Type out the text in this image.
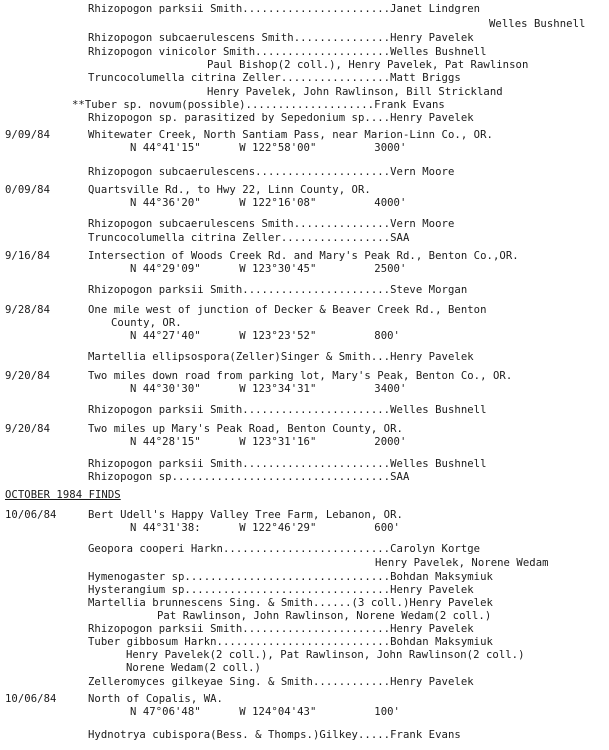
Rhizopogon parksii Smith.......................Janet Lindgren
Welles Bushnell
Rhizopogon subcaerulescens Smith...............Henry Pavelek
Rhizopogon vinicolor Smith.....................Welles Bushnell
Paul Bishop(2 coll.), Henry Pavelek, Pat Rawlinson
Truncocolumella citrina Zeller.................Matt Briggs
Henry Pavelek, John Rawlinson, Bill Strickland
**Tuber sp. novum(possible)....................Frank Evans
Rhizopogon sp. parasitized by Sepedonium sp....Henry Pavelek
9/09/84	Whitewater Creek, North Santiam Pass, near Marion-Linn Co., OR.
N 44°41'15"      W 122°58'00"         3000'
Rhizopogon subcaerulescens.....................Vern Moore
0/09/84	Quartsville Rd., to Hwy 22, Linn County, OR.
N 44°36'20"      W 122°16'08"         4000'
Rhizopogon subcaerulescens Smith...............Vern Moore
Truncocolumella citrina Zeller.................SAA
9/16/84	Intersection of Woods Creek Rd. and Mary's Peak Rd., Benton Co.,OR.
N 44°29'09"      W 123°30'45"         2500'
Rhizopogon parksii Smith.......................Steve Morgan
9/28/84	One mile west of junction of Decker & Beaver Creek Rd., Benton
County, OR.
N 44°27'40"      W 123°23'52"         800'
Martellia ellipsospora(Zeller)Singer & Smith...Henry Pavelek
9/20/84	Two miles down road from parking lot, Mary's Peak, Benton Co., OR.
N 44°30'30"      W 123°34'31"         3400'
Rhizopogon parksii Smith.......................Welles Bushnell
9/20/84	Two miles up Mary's Peak Road, Benton County, OR.
N 44°28'15"      W 123°31'16"         2000'
Rhizopogon parksii Smith.......................Welles Bushnell
Rhizopogon sp..................................SAA
OCTOBER 1984 FINDS
10/06/84	Bert Udell's Happy Valley Tree Farm, Lebanon, OR.
N 44°31'38:      W 122°46'29"         600'
Geopora cooperi Harkn..........................Carolyn Kortge
Henry Pavelek, Norene Wedam
Hymenogaster sp................................Bohdan Maksymiuk
Hysterangium sp................................Henry Pavelek
Martellia brunnescens Sing. & Smith......(3 coll.)Henry Pavelek
Pat Rawlinson, John Rawlinson, Norene Wedam(2 coll.)
Rhizopogon parksii Smith.......................Henry Pavelek
Tuber gibbosum Harkn...........................Bohdan Maksymiuk
Henry Pavelek(2 coll.), Pat Rawlinson, John Rawlinson(2 coll.)
Norene Wedam(2 coll.)
Zelleromyces gilkeyae Sing. & Smith............Henry Pavelek
10/06/84	North of Copalis, WA.
N 47°06'48"      W 124°04'43"         100'
Hydnotrya cubispora(Bess. & Thomps.)Gilkey.....Frank Evans
